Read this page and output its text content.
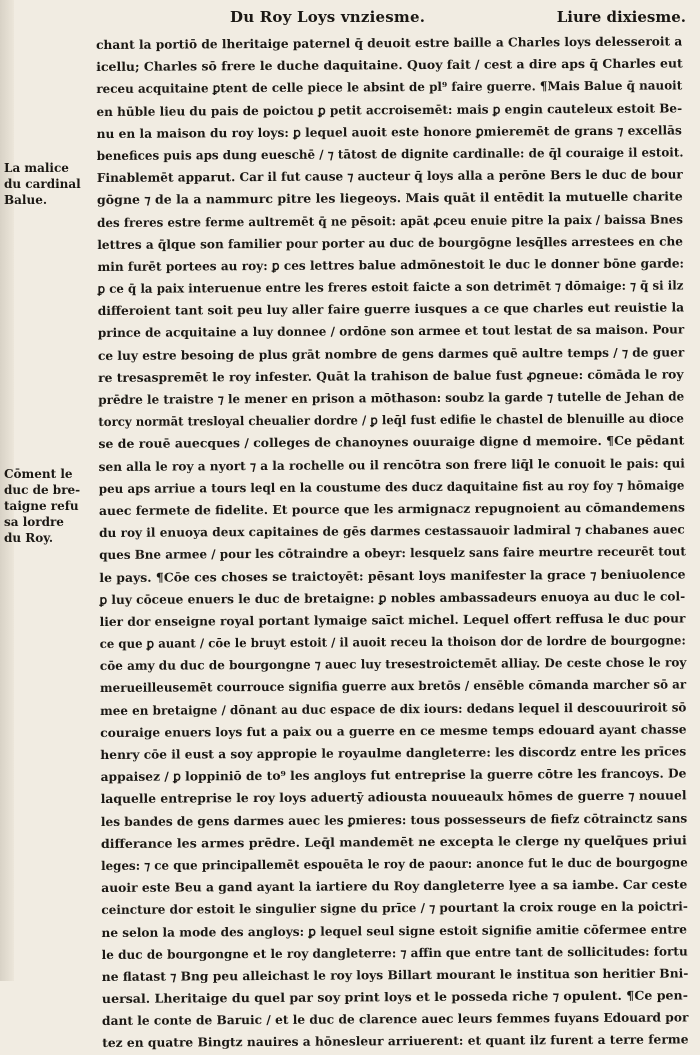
Du Roy Loys vnziesme.	Liure dixiesme.
La malice
du cardinal
Balue.
Cōment le
duc de bre-
taigne refu
sa lordre
du Roy.
chant la portiō de lheritaige paternel q̄ deuoit estre baille a Charles loys delesseroit a
icellu; Charles sō frere le duche daquitaine. Quoy fait / cest a dire aps q̄ Charles eut
receu acquitaine ꝑtent de celle piece le absint de pl⁹ faire guerre. ¶Mais Balue q̄ nauoit
en hūble lieu du pais de poictou ꝑ petit accroisemēt: mais ꝑ engin cauteleux estoit Be-
nu en la maison du roy loys: ꝑ lequel auoit este honore ꝑmieremēt de grans ⁊ excellās
benefices puis aps dung eueschē / ⁊ tātost de dignite cardinalle: de q̄l couraige il estoit.
Finablemēt apparut. Car il fut cause ⁊ aucteur q̄ loys alla a perōne Bers le duc de bour
gōgne ⁊ de la a nammurc pitre les liegeoys. Mais quāt il entēdit la mutuelle charite
des freres estre ferme aultremēt q̄ ne pēsoit: apāt ꝓceu enuie pitre la paix / baissa Bnes
lettres a q̄lque son familier pour porter au duc de bourgōgne lesq̄lles arrestees en che
min furēt portees au roy: ꝑ ces lettres balue admōnestoit le duc le donner bōne garde:
ꝑ ce q̄ la paix interuenue entre les freres estoit faicte a son detrimēt ⁊ dōmaige: ⁊ q̄ si ilz
differoient tant soit peu luy aller faire guerre iusques a ce que charles eut reuistie la
prince de acquitaine a luy donnee / ordōne son armee et tout lestat de sa maison. Pour
ce luy estre besoing de plus grāt nombre de gens darmes quē aultre temps / ⁊ de guer
re tresaspremēt le roy infester. Quāt la trahison de balue fust ꝓgneue: cōmāda le roy
prēdre le traistre ⁊ le mener en prison a mōthason: soubz la garde ⁊ tutelle de Jehan de
torcy normāt tresloyal cheualier dordre / ꝑ leq̄l fust edifie le chastel de blenuille au dioce
se de rouē auecques / colleges de chanoynes ouuraige digne d memoire. ¶Ce pēdant
sen alla le roy a nyort ⁊ a la rochelle ou il rencōtra son frere liq̄l le conuoit le pais: qui
peu aps arriue a tours leql en la coustume des ducz daquitaine fist au roy foy ⁊ hōmaige
auec fermete de fidelite. Et pource que les armignacz repugnoient au cōmandemens
du roy il enuoya deux capitaines de gēs darmes cestassauoir ladmiral ⁊ chabanes auec
ques Bne armee / pour les cōtraindre a obeyr: lesquelz sans faire meurtre receurēt tout
le pays. ¶Cōe ces choses se traictoyēt: pēsant loys manifester la grace ⁊ beniuolence
ꝑ luy cōceue enuers le duc de bretaigne: ꝑ nobles ambassadeurs enuoya au duc le col-
lier dor enseigne royal portant lymaige saīct michel. Lequel offert reffusa le duc pour
ce que ꝑ auant / cōe le bruyt estoit / il auoit receu la thoison dor de lordre de bourgogne:
cōe amy du duc de bourgongne ⁊ auec luy tresestroictemēt alliay. De ceste chose le roy
merueilleusemēt courrouce signifia guerre aux bretōs / ensēble cōmanda marcher sō ar
mee en bretaigne / dōnant au duc espace de dix iours: dedans lequel il descouuriroit sō
couraige enuers loys fut a paix ou a guerre en ce mesme temps edouard ayant chasse
henry cōe il eust a soy appropie le royaulme dangleterre: les discordz entre les prīces
appaisez / ꝑ loppiniō de to⁹ les angloys fut entreprise la guerre cōtre les francoys. De
laquelle entreprise le roy loys aduertȳ adiousta nouueaulx hōmes de guerre ⁊ nouuel
les bandes de gens darmes auec les ꝑmieres: tous possesseurs de fiefz cōtrainctz sans
differance les armes prēdre. Leq̄l mandemēt ne excepta le clerge ny quelq̄ues priui
leges: ⁊ ce que principallemēt espouēta le roy de paour: anonce fut le duc de bourgogne
auoir este Beu a gand ayant la iartiere du Roy dangleterre lyee a sa iambe. Car ceste
ceincture dor estoit le singulier signe du prīce / ⁊ pourtant la croix rouge en la poictri-
ne selon la mode des angloys: ꝑ lequel seul signe estoit signifie amitie cōfermee entre
le duc de bourgongne et le roy dangleterre: ⁊ affin que entre tant de sollicitudes: fortu
ne flatast ⁊ Bng peu alleichast le roy loys Billart mourant le institua son heritier Bni-
uersal. Lheritaige du quel par soy print loys et le possedа riche ⁊ opulent. ¶Ce pen-
dant le conte de Baruic / et le duc de clarence auec leurs femmes fuyans Edouard por
tez en quatre Bingtz nauires a hōnesleur arriuerent: et quant ilz furent a terre ferme
